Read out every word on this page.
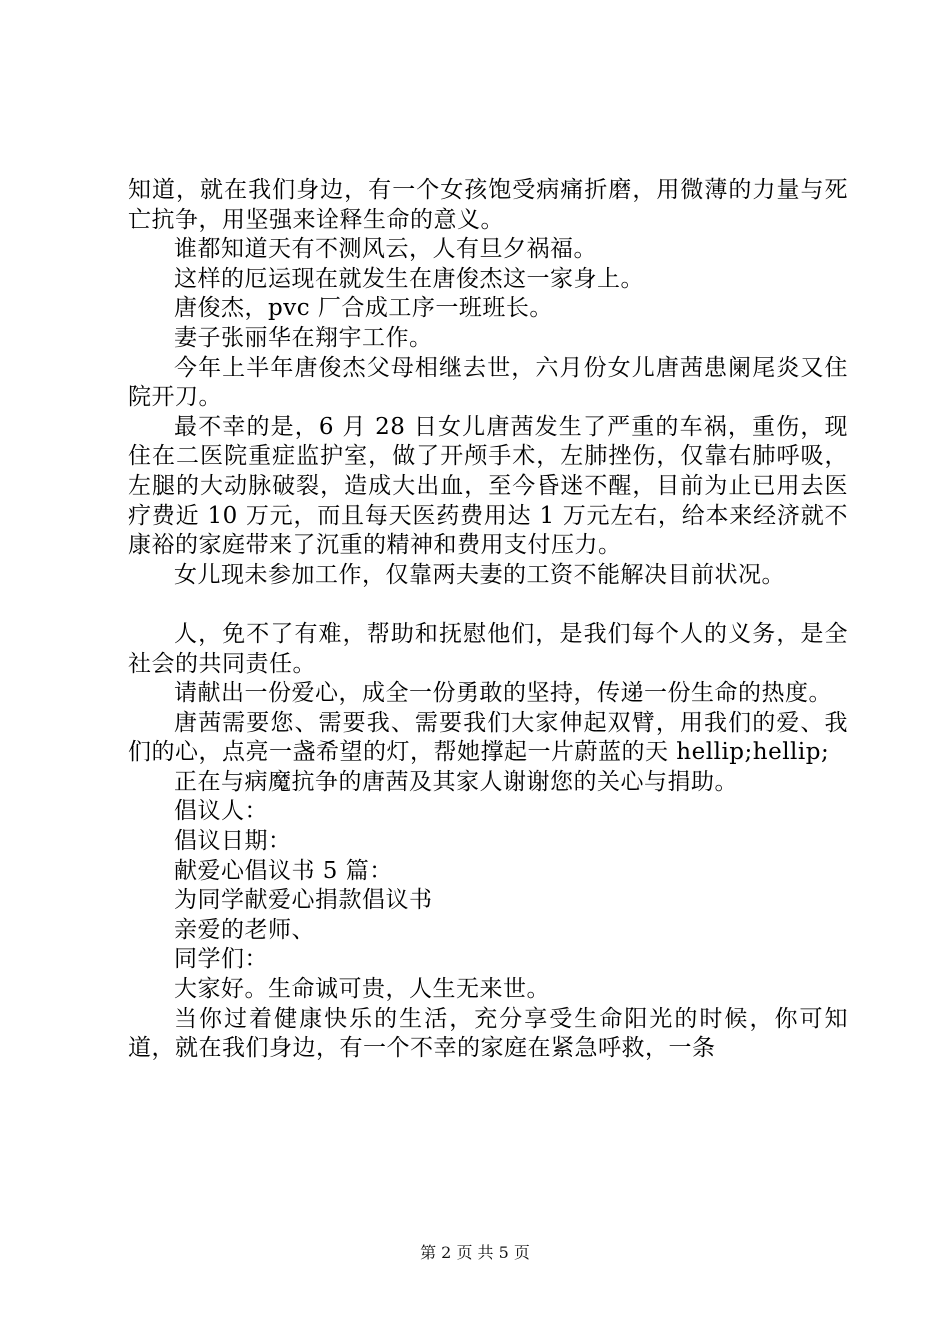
知道，就在我们身边，有一个女孩饱受病痛折磨，用微薄的力量与死亡抗争，用坚强来诠释生命的意义。

谁都知道天有不测风云，人有旦夕祸福。

这样的厄运现在就发生在唐俊杰这一家身上。

唐俊杰，pvc 厂合成工序一班班长。

妻子张丽华在翔宇工作。

今年上半年唐俊杰父母相继去世，六月份女儿唐茜患阑尾炎又住院开刀。

最不幸的是，6 月 28 日女儿唐茜发生了严重的车祸，重伤，现住在二医院重症监护室，做了开颅手术，左肺挫伤，仅靠右肺呼吸，左腿的大动脉破裂，造成大出血，至今昏迷不醒，目前为止已用去医疗费近 10 万元，而且每天医药费用达 1 万元左右，给本来经济就不康裕的家庭带来了沉重的精神和费用支付压力。

女儿现未参加工作，仅靠两夫妻的工资不能解决目前状况。

人，免不了有难，帮助和抚慰他们，是我们每个人的义务，是全社会的共同责任。

请献出一份爱心，成全一份勇敢的坚持，传递一份生命的热度。

唐茜需要您、需要我、需要我们大家伸起双臂，用我们的爱、我们的心，点亮一盏希望的灯，帮她撑起一片蔚蓝的天 hellip;hellip;

正在与病魔抗争的唐茜及其家人谢谢您的关心与捐助。

倡议人：

倡议日期：

献爱心倡议书 5 篇：

为同学献爱心捐款倡议书

亲爱的老师、

同学们：

大家好。生命诚可贵，人生无来世。

当你过着健康快乐的生活，充分享受生命阳光的时候，你可知道，就在我们身边，有一个不幸的家庭在紧急呼救，一条

第 2 页 共 5 页
